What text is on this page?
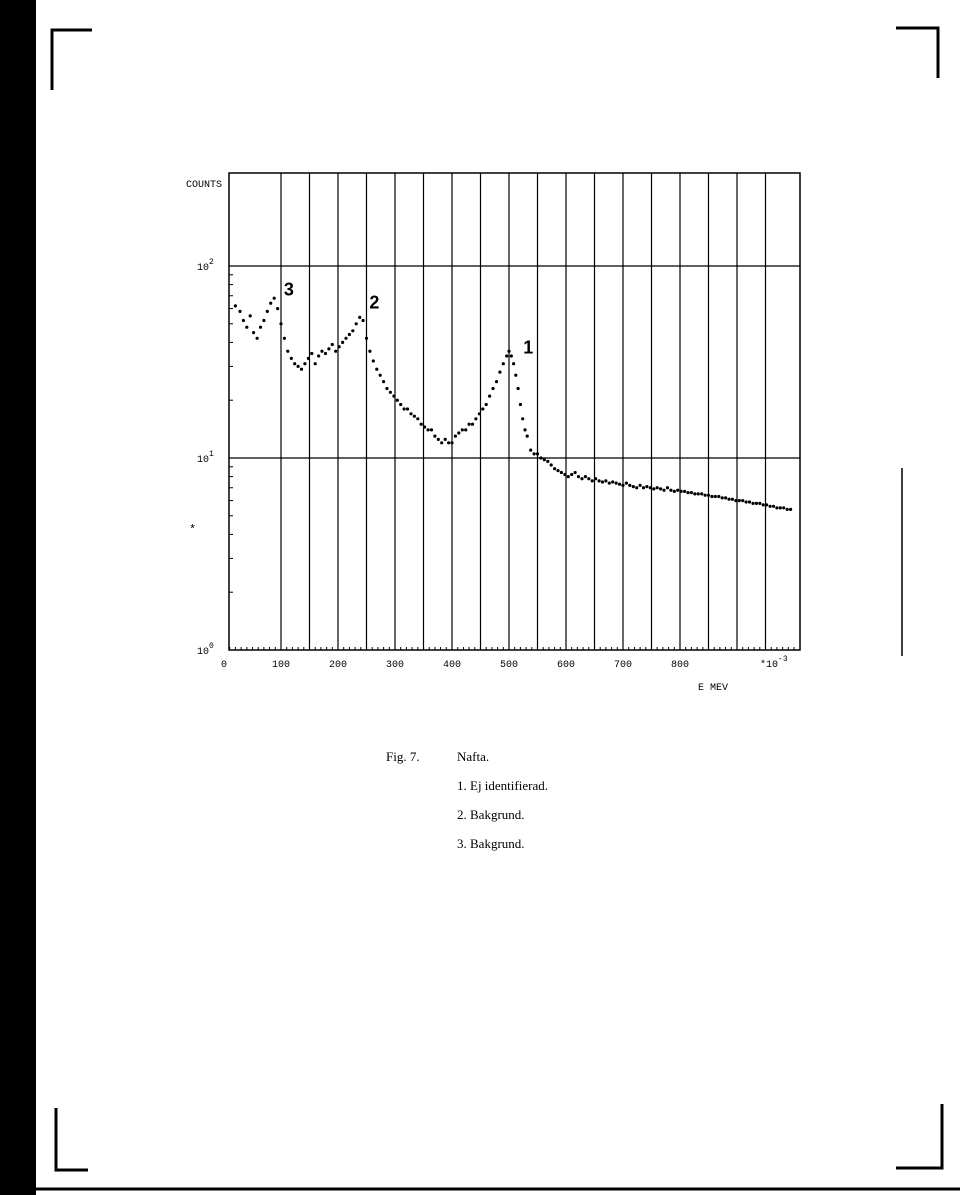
0	100	200	300	400	500	600	700	800
$10^0$
$10^1$
$10^2$
COUNTS
E MEV
$*10^{-3}$
*
3
2
1
Fig. 7.	Nafta.
1. Ej identifierad.
2. Bakgrund.
3. Bakgrund.
